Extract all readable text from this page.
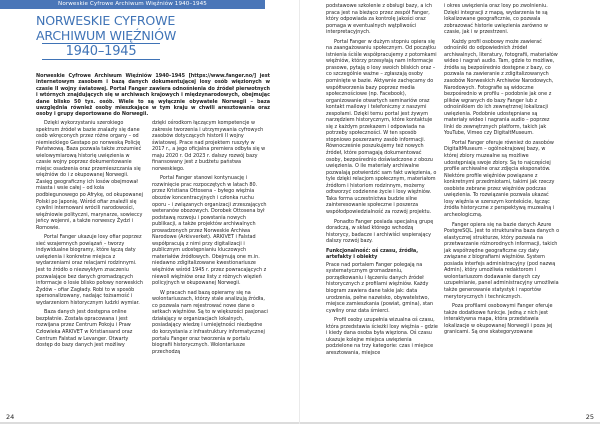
Norweskie Cyfrowe Archiwum Więźniów 1940–1945
NORWESKIE CYFROWE
ARCHIWUM WIĘŹNIÓW
1940–1945
Norweskie Cyfrowe Archiwum Więźniów 1940–1945 [https://www.fanger.no/] jest internetowym zasobem i bazą danych dokumentującej losy osób więzionych w czasie II wojny światowej. Portal Fanger zawiera odnośnienia do źródeł pierwotnych i wtórnych znajdujących się w archiwach krajowych i międzynarodowych, obejmując dane blisko 50 tys. osób. Wiele to są wyłącznie obywatele Norwegii – baza uwzględnia również osoby mieszkające w tym kraju w chwili aresztowania oraz osoby i grupy deportowane do Norwegii.

Dzięki wykorzystaniu szerokiego spektrum źródeł w bazie znalazły się dane osób wkręconych przez różne organy – od niemieckiego Gestapo po norweską Policję Państwową. Baza pozwala także zrozumieć wielowymiarową historię uwięzienia w czasie wojny poprzez dokumentowanie miejsc osadzenia oraz przemieszczania się więźniów do i z okupowanej Norwegii. Zasięg geograficzny ich losów obejmował miasta i wsie całej – od kola podbiegunowego po Afrykę, od okupowanej Polski po Japonię. Wśród ofiar znaleźli się cywilni internowani wrócili narodowości, więźniowie polityczni, marynarze, sowieccy jeńcy wojenni, a także norwescy Żydzi i Romowie.

Portal Fanger ukazuje losy ofiar poprzez sieć wzajemnych powiązań – tworzy indywidualne biogramy, które łączą daty uwięzienia i konkretne miejsca z wydarzeniami oraz relacjami rodzinnymi. Jest to źródło o niezwykłym znaczeniu pozwalające bez danych gromadzących informacje o losie blisko połowy norweskich Żydów – ofiar Zagłady. Robi to w sposób spersonalizowany, nadając tożsamość i wydarzeniom historycznym ludzki wymiar.

Baza danych jest dostępna online bezpłatnie. Została opracowana i jest rozwijana przez Centrum Pokoju i Praw Człowieka ARKIVET w Kristiansand oraz Centrum Falstad w Levanger. Otwarty dostęp do bazy danych jest możliwy

dzięki ośrodkom łączącym kompetencje w zakresie tworzenia i utrzymywania cyfrowych zasobów dotyczących historii II wojny światowej. Prace nad projektem ruszyły w 2017 r., a jego oficjalna premiera odbyła się w maju 2020 r. Od 2023 r. dalszy rozwój bazy finansowany jest z budżetu państwa norweskiego.

Portal Fanger stanowi kontynuację i rozwinięcie prac rozpoczętych w latach 80. przez Kristiana Ottosena – byłego więźnia obozów koncentracyjnych i członka ruchu oporu – i związanych organizacji zrzeszających weteranów obozowych. Dorobek Ottosena był podstawą rozwoju i powstania nowych publikacji, a także projektów archiwalnych prowadzonych przez Norweskie Archiwa Narodowe (Arkivverket). ARKIVET i Falstad współpracują z nimi przy digitalizacji i publicznym udostępnianiu kluczowych materiałów źródłowych. Obejmują one m.in. niedawno zdigitalizowane kwestionariusze więźniów wśród 1945 r. przez powracających z niewoli więźniów oraz listy z różnych więzień policyjnych w okupowanej Norwegii.

W pracach nad bazą opieramy się na wolontariuszach, którzy stale analizują źródła, co pozwala nam rejestrować nowe dane o setkach więźniów. Są to w większości pasjonaci działający w organizacjach lokalnych, posiadający wiedzę i umiejętności niezbędne do korzystania z infrastruktury informatycznej portalu Fanger oraz tworzenia w portalu biografii historycznych. Wolontariusze przechodzą

24

podstawowe szkolenie z obsługi bazy, a ich praca jest na bieżąco przez zespół Fanger, który odpowiada za kontrolę jakości oraz pomaga w eventualnych wątpliwości interpretacyjnych.

Portal Fanger w dużym stopniu opiera się na zaangażowaniu społecznym. Od początku istnienia ściśle współpracujemy z potomkami więźniów, którzy przesyłają nam informacje prasowe, pytają o losy swoich bliskich oraz – co szczególnie ważne – zgłaszają osoby pominięte w bazie. Aktywnie zachęcamy do współtworzenia bazy poprzez media społecznościowe (np. Facebook), organizowanie otwartych seminariów oraz kontakt mailowy i telefoniczny z naszymi zespołami. Dzięki temu portal jest żywym narzędziem historycznym, które kontaktuje się z każdym przekazem i odpowiada na potrzeby społeczności. W ten sposób stopniowo poszerzamy zasób informacji. Równocześnie poszukujemy też nowych źródeł, które pomagają dokumentować osoby, bezpośrednio doświadczone z obozu uwięzienia. O ile materiały archiwalne pozwalają potwierdzić sam fakt uwięzienia, o tyle dzięki relacjom społecznym, materiałom źródłom i historiom rodzinnym, możemy odtworzyć codzienne życie i losy więźniów. Taka forma uczestnictwa budzie silne zainteresowanie społeczne i poszerza współodpowiedzialność za rozwój projektu.

Ponadto Fanger posiada specjalną grupę doradczą, w skład którego wchodzą historycy, badacze i archiwiści wspierający dalszy rozwój bazy.

Funkcjonalność: oś czasu, źródła, artefakty i obiekty

Prace nad portalem Fanger polegają na systematycznym gromadzeniu, porządkowaniu i łączeniu danych źródeł historycznych z profilami więźniów. Każdy biogram zawiera dane takie jak: data urodzenia, pełne nazwisko, obywatelstwo, miejsce zamieszkania (powiat, gmina), stan cywilny oraz data śmierci.

Profil osoby uzupełnia wizualna oś czasu, która przedstawia ścieżki losy więźnia – gdzie i kiedy dana osoba była więziona. Oś czasu ukazuje kolejne miejsca uwięzienia podzielone na trzy kategorie: czas i miejsce aresztowania, miejsce

i okres uwięzienia oraz losy po zwolnieniu. Dzięki integracji z mapą, wydarzenia te są lokalizowane geograficznie, co pozwala zobrazować historie uwięzienia zarówno w czasie, jak i w przestrzeni.

Każdy profil osobowy może zawierać odnośniki do odpowiednich źródeł archiwalnych, literatury, fotografii, materiałów wideo i nagrań audio. Tam, gdzie to możliwe, źródła są bezpośrednio dostępne z bazy, co pozwala na zawieranie z zdigitalizowanych zasobów Norweskich Archiwów Narodowych, Narodowych. Fotografie są widoczne bezpośrednio w profilu – podobnie jak one z plików wgranych do bazy Fanger lub z odnośnikiem do ich zewnętrznej lokalizacji uwięzienia. Podobnie udostępniane są materiały wideo i nagrania audio – poprzez linki do zewnętrznych platform, takich jak YouTube, Vimeo czy DigitaltMuseum.

Portal Fanger oferuje również do zasobów DigitaltMuseum – ogólnokrajowej bazy, w której zbiory muzealne są możliwe udostępniają swoje zbiory. Są to najczęściej profile archiwalne oraz zdjęcia eksponatów. Niektóre profile więźniów powiązane z konkretnymi przedmiotami, takimi jak rzeczy osobiste zebrane przez więźniów podczas uwięzienia. To rozwiązanie pozwala ukazać losy więźnia w szerszym kontekście, łącząc źródła historyczne z perspektywą muzealną i archeologiczną.

Fanger opiera się na bazie danych Azure PostgreSQL. Jest to strukturalna baza danych o elastycznej strukturze, który pozwala na przetwarzanie różnorodnych informacji, takich jak współrzędne geograficzne czy daty związane z biografiami więźniów. System posiada interfejs administracyjny (pod nazwą Admin), który umożliwia redaktorom i wolontariuszom dodawanie danych czy uzupełnianie, panel administracyjny umożliwia także generowanie statystyk i raportów merytorycznych i technicznych.

Poza profilami osobowymi Fanger oferuje także dodatkowe funkcje. Jedną z nich jest interaktywna mapa, która przedstawia lokalizacje w okupowanej Norwegii i poza jej granicami. Są one skategoryzowane

25
